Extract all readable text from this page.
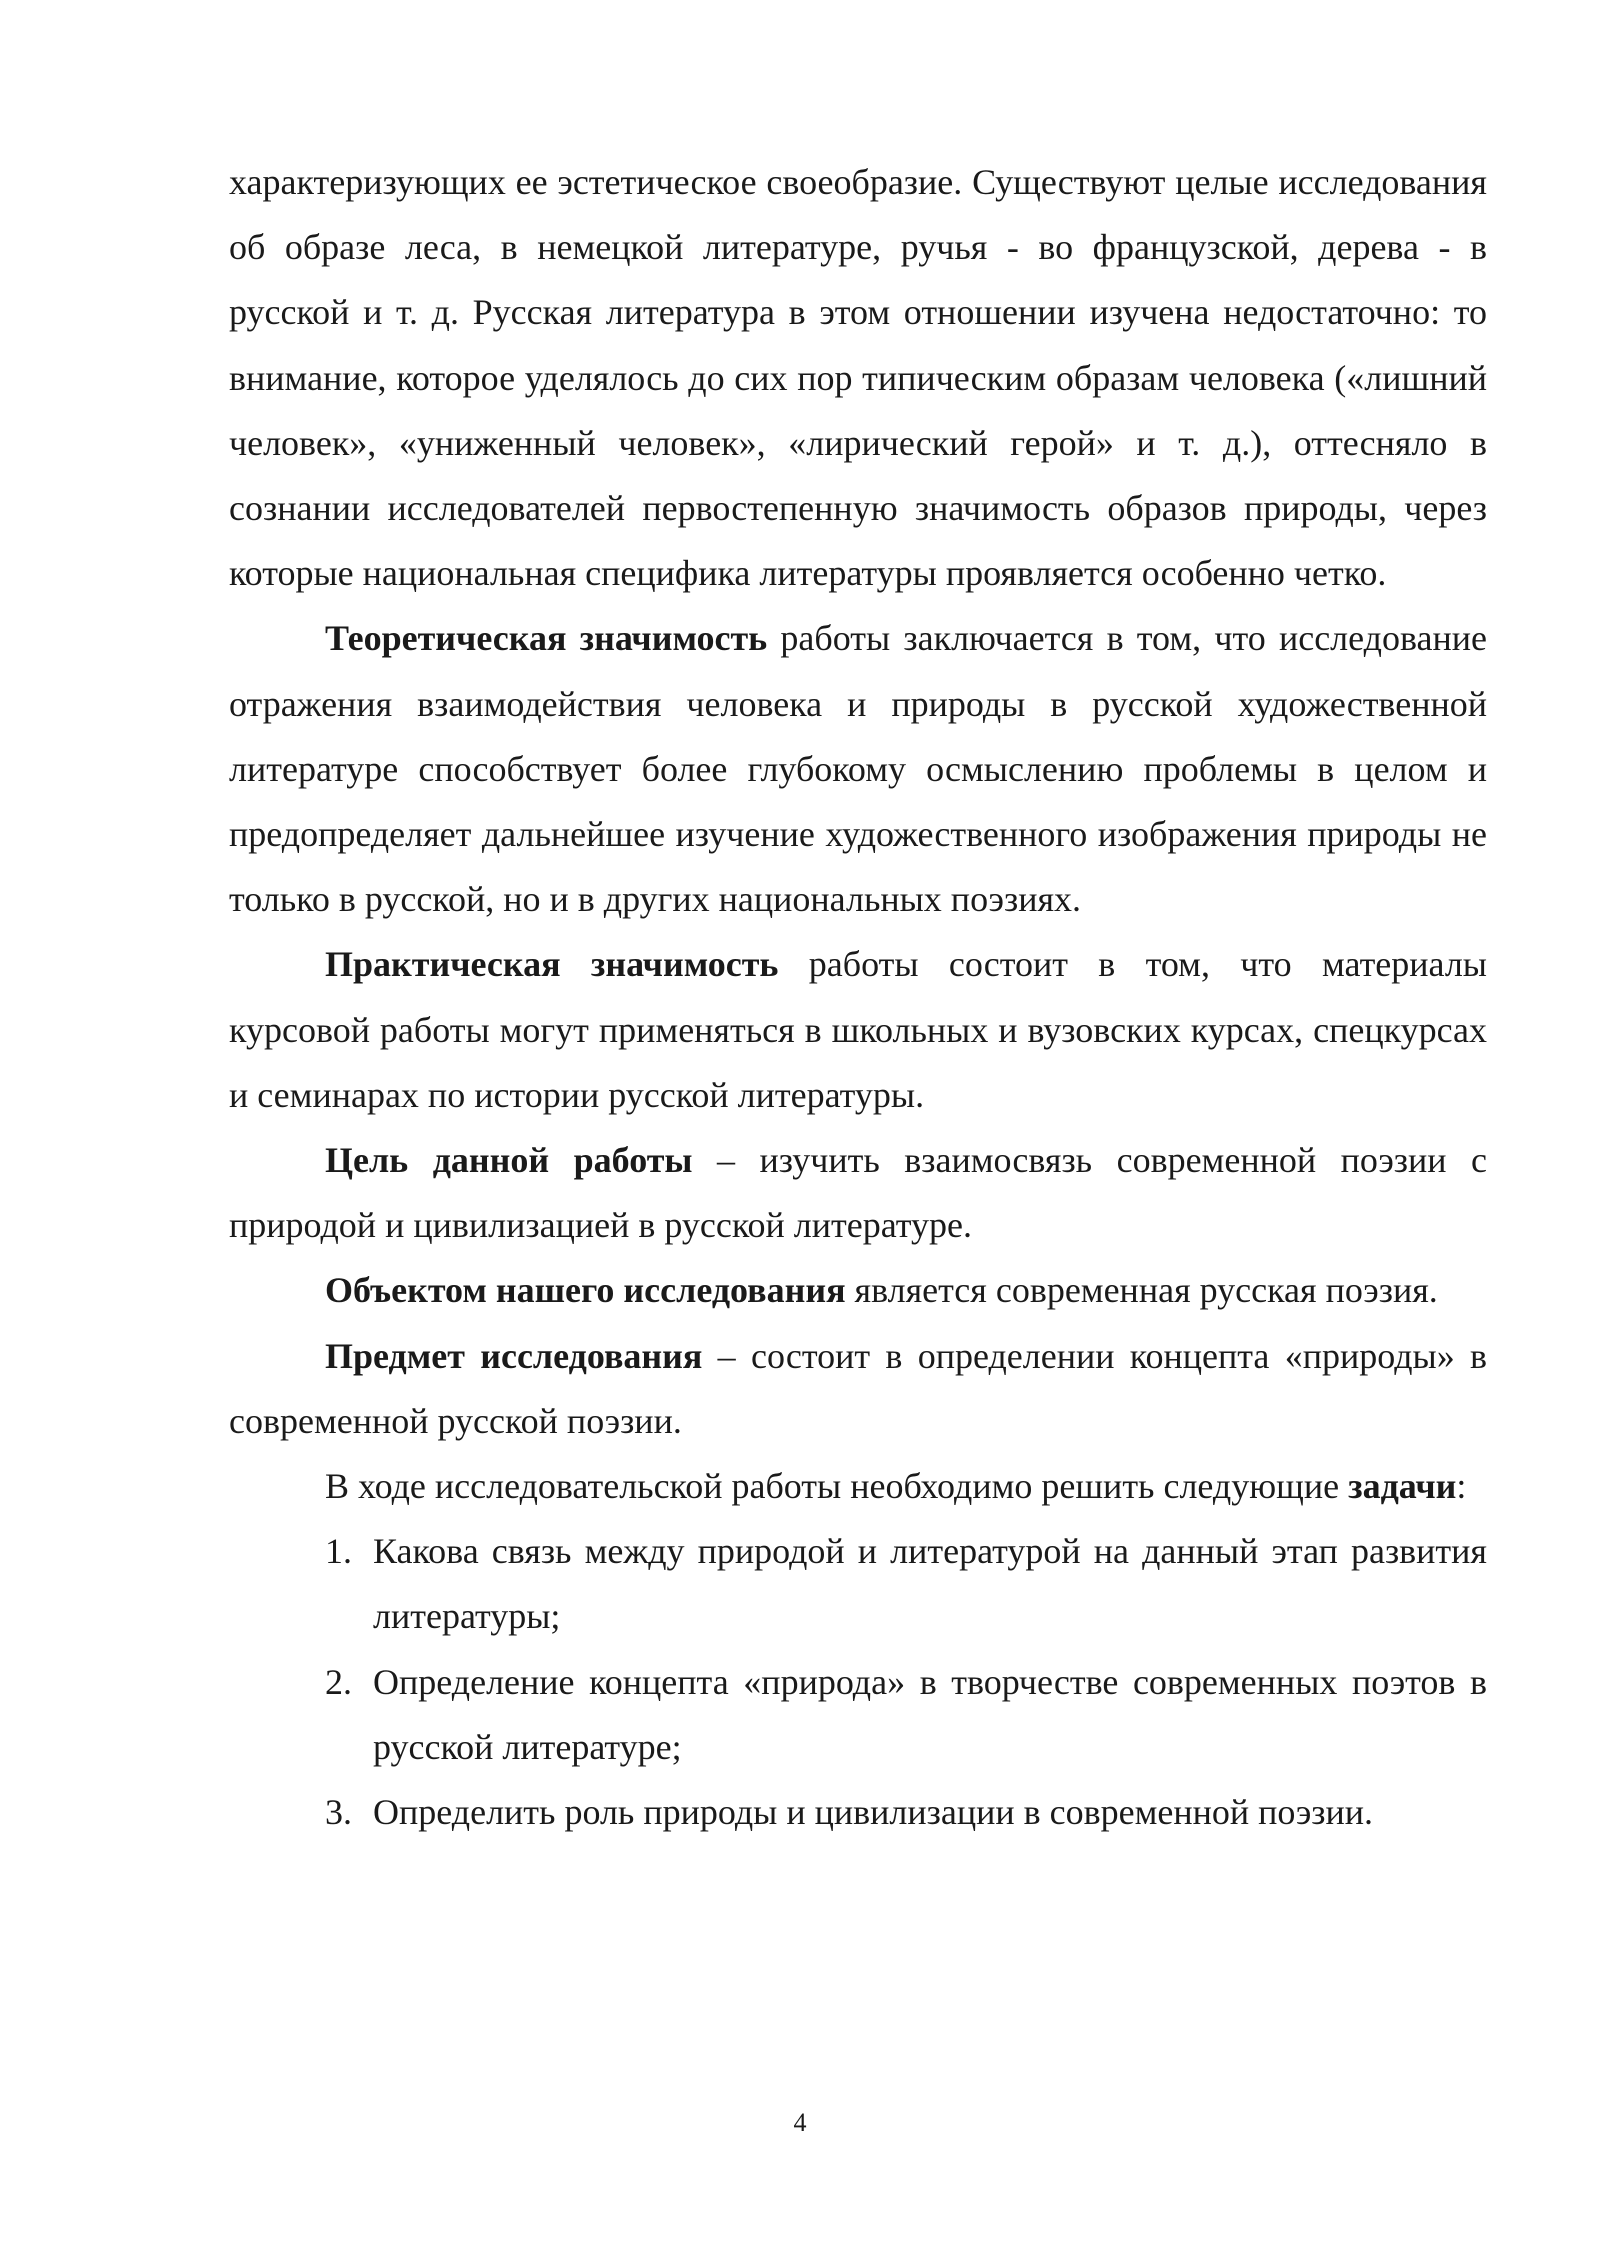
характеризующих ее эстетическое своеобразие. Существуют целые исследования об образе леса, в немецкой литературе, ручья - во французской, дерева - в русской и т. д. Русская литература в этом отношении изучена недостаточно: то внимание, которое уделялось до сих пор типическим образам человека («лишний человек», «униженный человек», «лирический герой» и т. д.), оттесняло в сознании исследователей первостепенную значимость образов природы, через которые национальная специфика литературы проявляется особенно четко.

Теоретическая значимость работы заключается в том, что исследование отражения взаимодействия человека и природы в русской художественной литературе способствует более глубокому осмыслению проблемы в целом и предопределяет дальнейшее изучение художественного изображения природы не только в русской, но и в других национальных поэзиях.

Практическая значимость работы состоит в том, что материалы курсовой работы могут применяться в школьных и вузовских курсах, спецкурсах и семинарах по истории русской литературы.

Цель данной работы – изучить взаимосвязь современной поэзии с природой и цивилизацией в русской литературе.

Объектом нашего исследования является современная русская поэзия.

Предмет исследования – состоит в определении концепта «природы» в современной русской поэзии.

В ходе исследовательской работы необходимо решить следующие задачи:

1. Какова связь между природой и литературой на данный этап развития литературы;
2. Определение концепта «природа» в творчестве современных поэтов в русской литературе;
3. Определить роль природы и цивилизации в современной поэзии.
4
